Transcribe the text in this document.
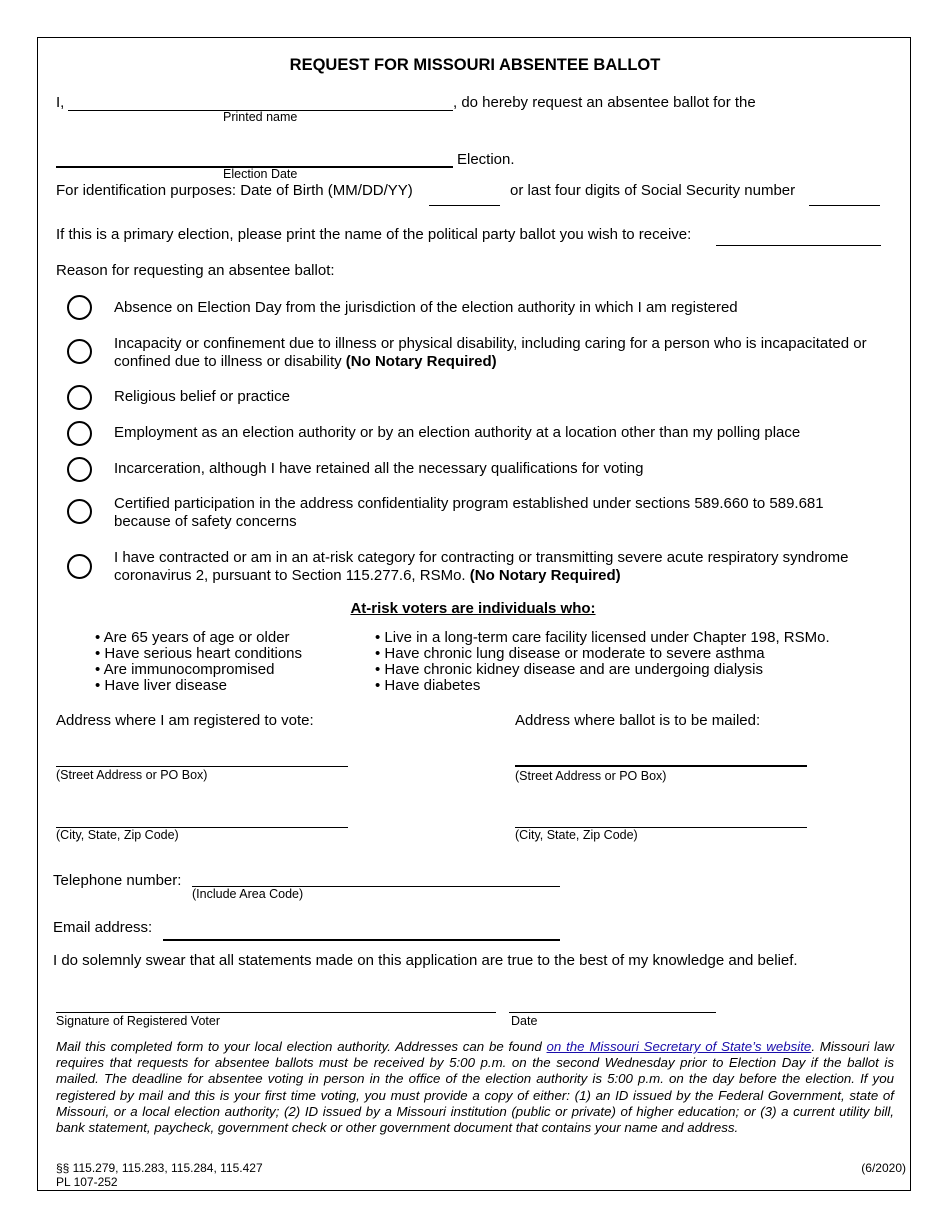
REQUEST FOR MISSOURI ABSENTEE BALLOT
I,	, do hereby request an absentee ballot for the
Printed name
Election.
Election Date
For identification purposes: Date of Birth (MM/DD/YY)	or last four digits of Social Security number
If this is a primary election, please print the name of the political party ballot you wish to receive:
Reason for requesting an absentee ballot:
Absence on Election Day from the jurisdiction of the election authority in which I am registered
Incapacity or confinement due to illness or physical disability, including caring for a person who is incapacitated or confined due to illness or disability (No Notary Required)
Religious belief or practice
Employment as an election authority or by an election authority at a location other than my polling place
Incarceration, although I have retained all the necessary qualifications for voting
Certified participation in the address confidentiality program established under sections 589.660 to 589.681 because of safety concerns
I have contracted or am in an at-risk category for contracting or transmitting severe acute respiratory syndrome coronavirus 2, pursuant to Section 115.277.6, RSMo. (No Notary Required)
At-risk voters are individuals who:
• Are 65 years of age or older
• Have serious heart conditions
• Are immunocompromised
• Have liver disease
• Live in a long-term care facility licensed under Chapter 198, RSMo.
• Have chronic lung disease or moderate to severe asthma
• Have chronic kidney disease and are undergoing dialysis
• Have diabetes
Address where I am registered to vote:	Address where ballot is to be mailed:
(Street Address or PO Box)	(Street Address or PO Box)
(City, State, Zip Code)	(City, State, Zip Code)
Telephone number:
(Include Area Code)
Email address:
I do solemnly swear that all statements made on this application are true to the best of my knowledge and belief.
Signature of Registered Voter	Date
Mail this completed form to your local election authority. Addresses can be found on the Missouri Secretary of State’s website. Missouri law requires that requests for absentee ballots must be received by 5:00 p.m. on the second Wednesday prior to Election Day if the ballot is mailed. The deadline for absentee voting in person in the office of the election authority is 5:00 p.m. on the day before the election. If you registered by mail and this is your first time voting, you must provide a copy of either: (1) an ID issued by the Federal Government, state of Missouri, or a local election authority; (2) ID issued by a Missouri institution (public or private) of higher education; or (3) a current utility bill, bank statement, paycheck, government check or other government document that contains your name and address.
§§ 115.279, 115.283, 115.284, 115.427
PL 107-252
(6/2020)
